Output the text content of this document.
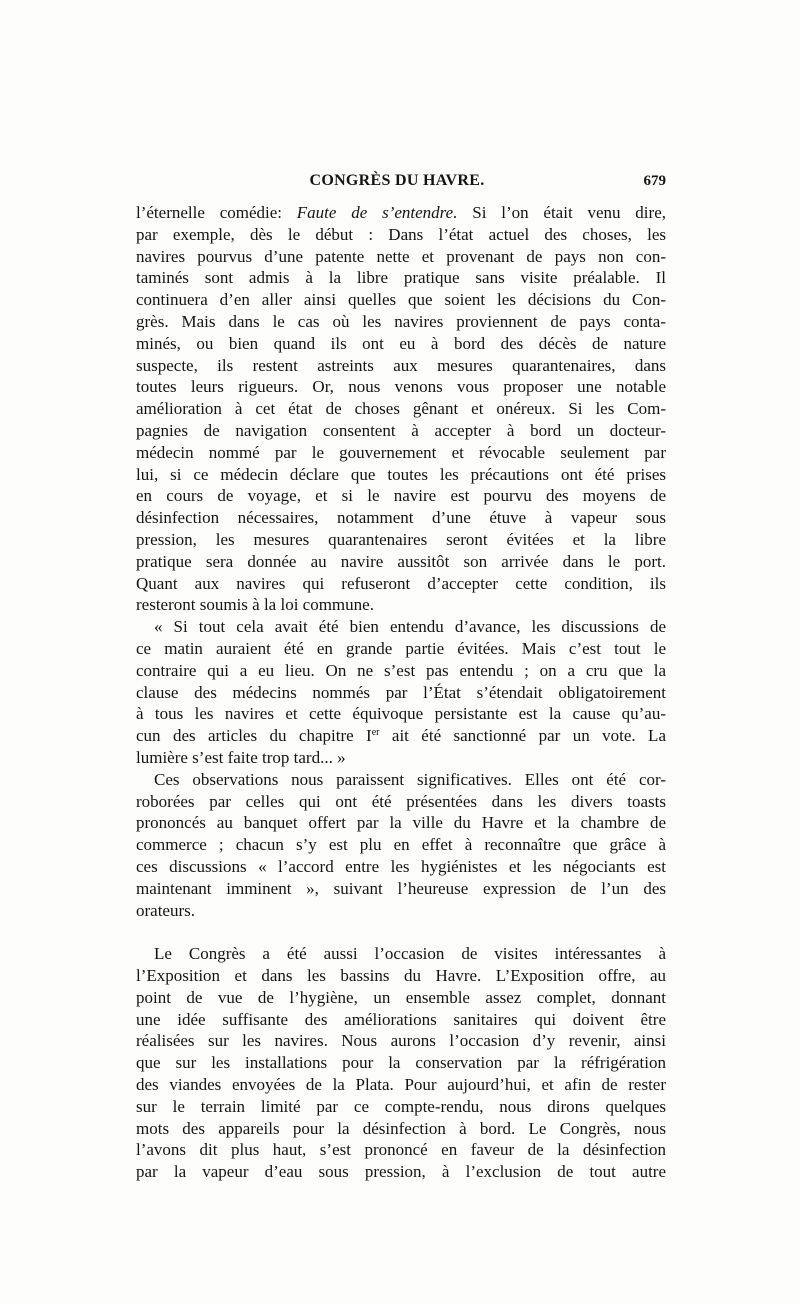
CONGRÈS DU HAVRE.	679
l’éternelle comédie: Faute de s’entendre. Si l’on était venu dire,
par exemple, dès le début : Dans l’état actuel des choses, les
navires pourvus d’une patente nette et provenant de pays non con-
taminés sont admis à la libre pratique sans visite préalable. Il
continuera d’en aller ainsi quelles que soient les décisions du Con-
grès. Mais dans le cas où les navires proviennent de pays conta-
minés, ou bien quand ils ont eu à bord des décès de nature
suspecte, ils restent astreints aux mesures quarantenaires, dans
toutes leurs rigueurs. Or, nous venons vous proposer une notable
amélioration à cet état de choses gênant et onéreux. Si les Com-
pagnies de navigation consentent à accepter à bord un docteur-
médecin nommé par le gouvernement et révocable seulement par
lui, si ce médecin déclare que toutes les précautions ont été prises
en cours de voyage, et si le navire est pourvu des moyens de
désinfection nécessaires, notamment d’une étuve à vapeur sous
pression, les mesures quarantenaires seront évitées et la libre
pratique sera donnée au navire aussitôt son arrivée dans le port.
Quant aux navires qui refuseront d’accepter cette condition, ils
resteront soumis à la loi commune.
« Si tout cela avait été bien entendu d’avance, les discussions de
ce matin auraient été en grande partie évitées. Mais c’est tout le
contraire qui a eu lieu. On ne s’est pas entendu ; on a cru que la
clause des médecins nommés par l’État s’étendait obligatoirement
à tous les navires et cette équivoque persistante est la cause qu’au-
cun des articles du chapitre Ier ait été sanctionné par un vote. La
lumière s’est faite trop tard... »
Ces observations nous paraissent significatives. Elles ont été cor-
roborées par celles qui ont été présentées dans les divers toasts
prononcés au banquet offert par la ville du Havre et la chambre de
commerce ; chacun s’y est plu en effet à reconnaître que grâce à
ces discussions « l’accord entre les hygiénistes et les négociants est
maintenant imminent », suivant l’heureuse expression de l’un des
orateurs.
Le Congrès a été aussi l’occasion de visites intéressantes à
l’Exposition et dans les bassins du Havre. L’Exposition offre, au
point de vue de l’hygiène, un ensemble assez complet, donnant
une idée suffisante des améliorations sanitaires qui doivent être
réalisées sur les navires. Nous aurons l’occasion d’y revenir, ainsi
que sur les installations pour la conservation par la réfrigération
des viandes envoyées de la Plata. Pour aujourd’hui, et afin de rester
sur le terrain limité par ce compte-rendu, nous dirons quelques
mots des appareils pour la désinfection à bord. Le Congrès, nous
l’avons dit plus haut, s’est prononcé en faveur de la désinfection
par la vapeur d’eau sous pression, à l’exclusion de tout autre
